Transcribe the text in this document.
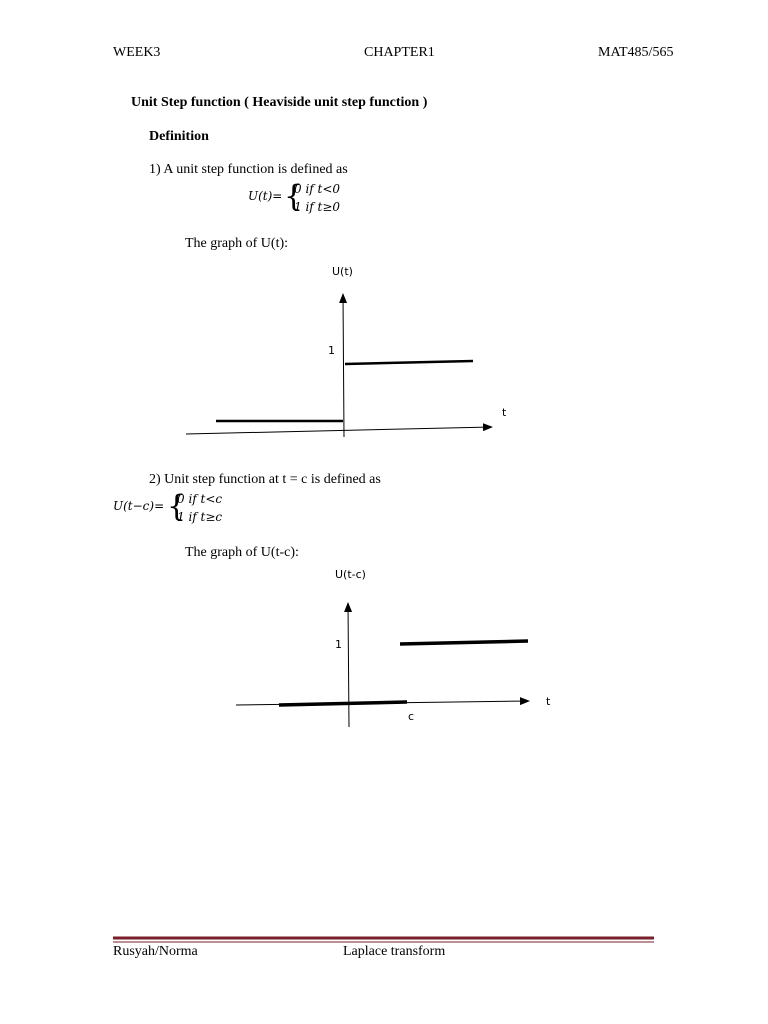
WEEK3	CHAPTER1	MAT485/565
Unit Step function ( Heaviside unit step function )
Definition
1) A unit step function is defined as
U(t)= {
0 if t<0
1 if t≥0
The graph of U(t):
U(t)
1
t
2) Unit step function at t = c is defined as
U(t−c)= {
0 if t<c
1 if t≥c
The graph of U(t-c):
U(t-c)
1
t
c
Rusyah/Norma	Laplace transform
